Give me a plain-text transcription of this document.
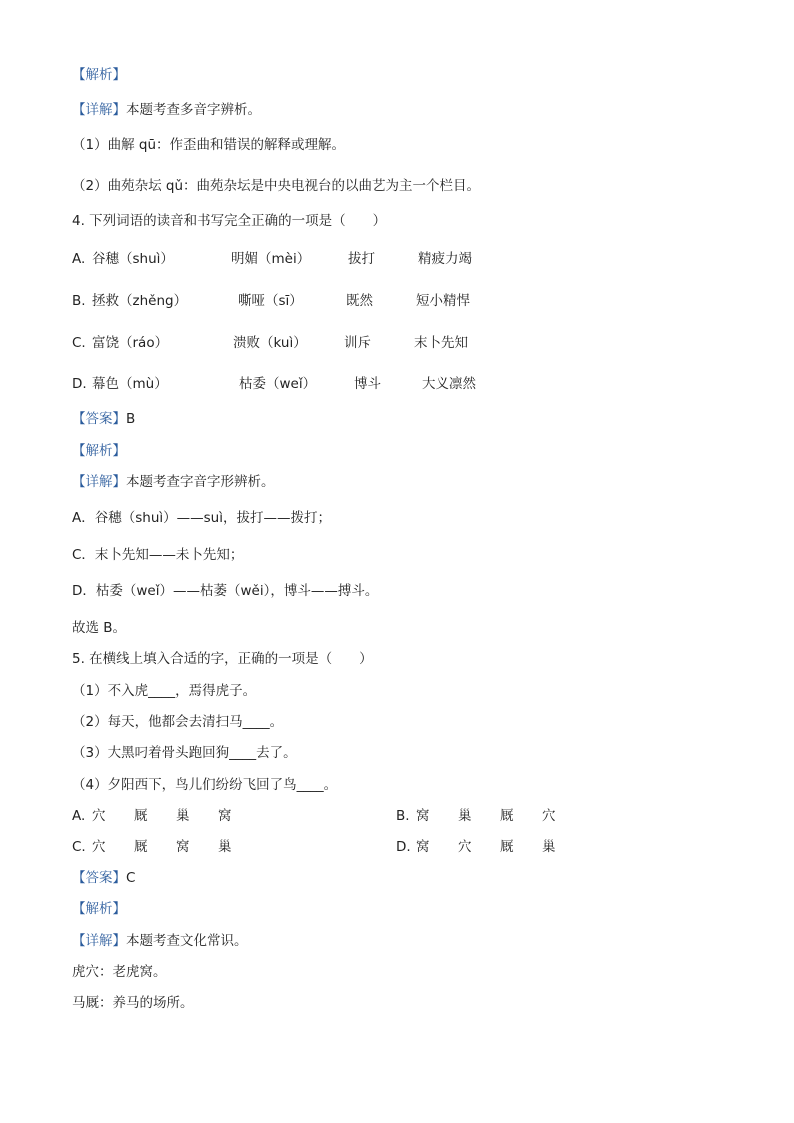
【解析】
【详解】本题考查多音字辨析。
（1）曲解 qū：作歪曲和错误的解释或理解。
（2）曲苑杂坛 qǔ：曲苑杂坛是中央电视台的以曲艺为主一个栏目。
4. 下列词语的读音和书写完全正确的一项是（　　）
A. 谷穗（shuì）	明媚（mèi）	拔打	精疲力竭
B. 拯救（zhěng）	嘶哑（sī）	既然	短小精悍
C. 富饶（ráo）	溃败（kuì）	训斥	末卜先知
D. 幕色（mù）	枯委（weǐ）	博斗	大义凛然
【答案】B
【解析】
【详解】本题考查字音字形辨析。
A．谷穗（shuì）——suì，拔打——拨打；
C．末卜先知——未卜先知；
D．枯委（weǐ）——枯萎（wěi），博斗——搏斗。
故选 B。
5. 在横线上填入合适的字，正确的一项是（　　）
（1）不入虎____，焉得虎子。
（2）每天，他都会去清扫马____。
（3）大黑叼着骨头跑回狗____去了。
（4）夕阳西下，鸟儿们纷纷飞回了鸟____。
A. 穴 厩 巢 窝	B. 窝 巢 厩 穴
C. 穴 厩 窝 巢	D. 窝 穴 厩 巢
【答案】C
【解析】
【详解】本题考查文化常识。
虎穴：老虎窝。
马厩：养马的场所。
